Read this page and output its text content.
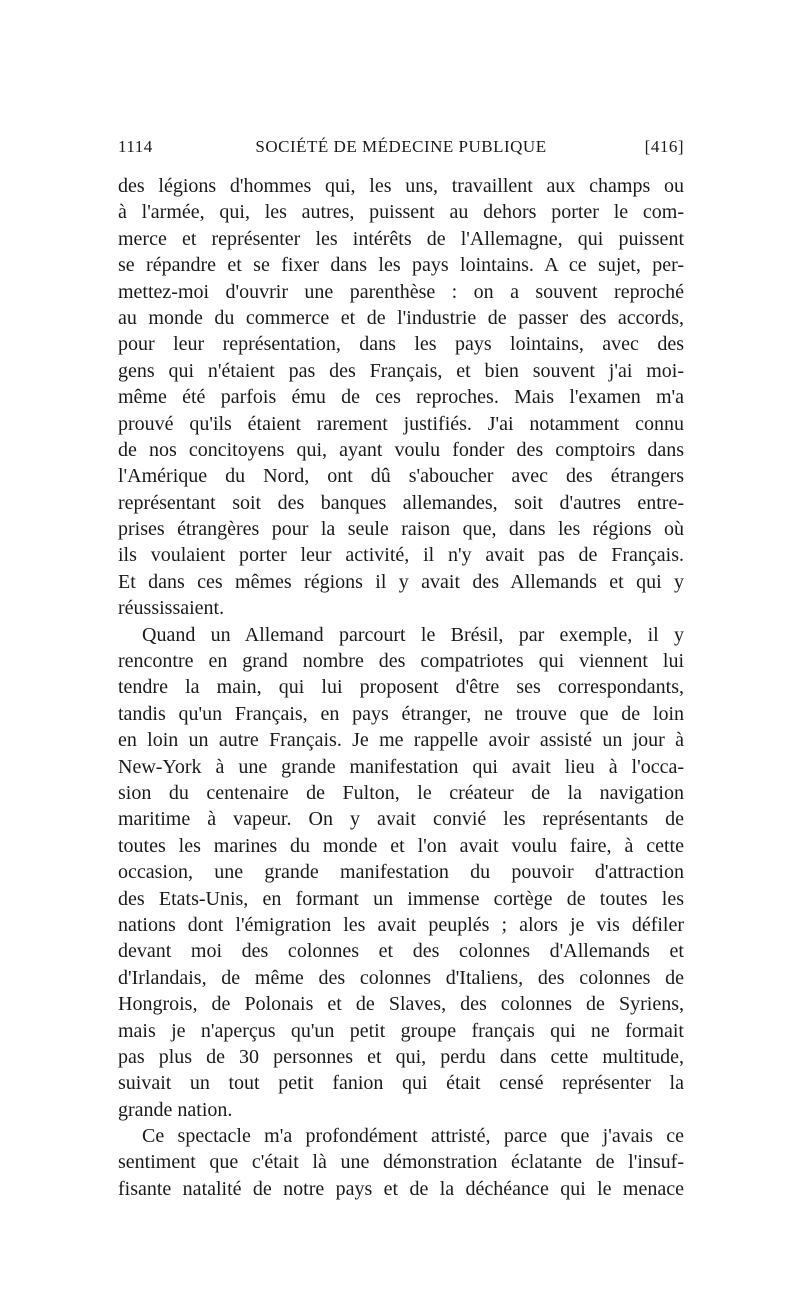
1114	SOCIÉTÉ DE MÉDECINE PUBLIQUE	[416]
des légions d'hommes qui, les uns, travaillent aux champs ou
à l'armée, qui, les autres, puissent au dehors porter le com-
merce et représenter les intérêts de l'Allemagne, qui puissent
se répandre et se fixer dans les pays lointains. A ce sujet, per-
mettez-moi d'ouvrir une parenthèse : on a souvent reproché
au monde du commerce et de l'industrie de passer des accords,
pour leur représentation, dans les pays lointains, avec des
gens qui n'étaient pas des Français, et bien souvent j'ai moi-
même été parfois ému de ces reproches. Mais l'examen m'a
prouvé qu'ils étaient rarement justifiés. J'ai notamment connu
de nos concitoyens qui, ayant voulu fonder des comptoirs dans
l'Amérique du Nord, ont dû s'aboucher avec des étrangers
représentant soit des banques allemandes, soit d'autres entre-
prises étrangères pour la seule raison que, dans les régions où
ils voulaient porter leur activité, il n'y avait pas de Français.
Et dans ces mêmes régions il y avait des Allemands et qui y
réussissaient.
Quand un Allemand parcourt le Brésil, par exemple, il y
rencontre en grand nombre des compatriotes qui viennent lui
tendre la main, qui lui proposent d'être ses correspondants,
tandis qu'un Français, en pays étranger, ne trouve que de loin
en loin un autre Français. Je me rappelle avoir assisté un jour à
New-York à une grande manifestation qui avait lieu à l'occa-
sion du centenaire de Fulton, le créateur de la navigation
maritime à vapeur. On y avait convié les représentants de
toutes les marines du monde et l'on avait voulu faire, à cette
occasion, une grande manifestation du pouvoir d'attraction
des Etats-Unis, en formant un immense cortège de toutes les
nations dont l'émigration les avait peuplés ; alors je vis défiler
devant moi des colonnes et des colonnes d'Allemands et
d'Irlandais, de même des colonnes d'Italiens, des colonnes de
Hongrois, de Polonais et de Slaves, des colonnes de Syriens,
mais je n'aperçus qu'un petit groupe français qui ne formait
pas plus de 30 personnes et qui, perdu dans cette multitude,
suivait un tout petit fanion qui était censé représenter la
grande nation.
Ce spectacle m'a profondément attristé, parce que j'avais ce
sentiment que c'était là une démonstration éclatante de l'insuf-
fisante natalité de notre pays et de la déchéance qui le menace
